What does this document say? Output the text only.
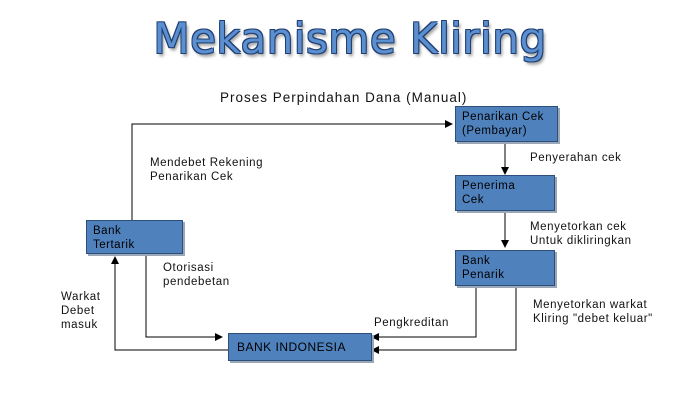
Mekanisme Kliring
Proses Perpindahan Dana (Manual)
Penarikan Cek
(Pembayar)
Penerima
Cek
Bank
Penarik
Bank
Tertarik
BANK INDONESIA
Mendebet Rekening
Penarikan Cek
Penyerahan cek
Menyetorkan cek
Untuk dikliringkan
Otorisasi
pendebetan
Warkat
Debet
masuk	Pengkreditan
Menyetorkan warkat
Kliring "debet keluar"
